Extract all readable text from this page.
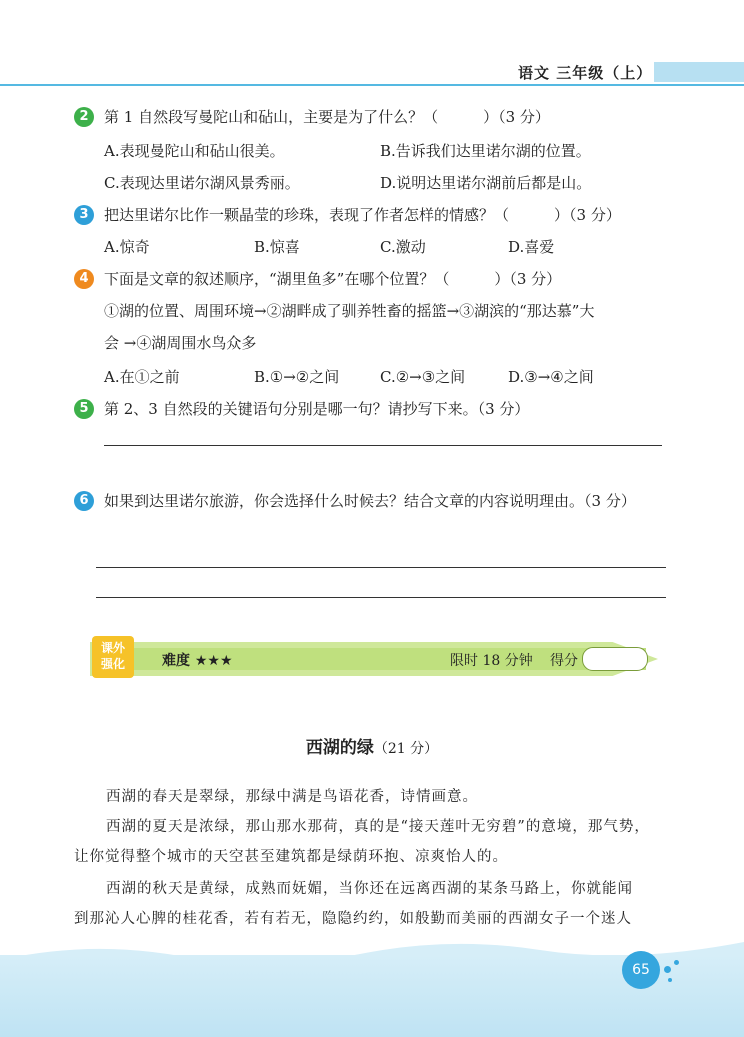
语文 三年级（上）
2	第 1 自然段写曼陀山和砧山，主要是为了什么？（　　　）（3 分）
A.表现曼陀山和砧山很美。	B.告诉我们达里诺尔湖的位置。
C.表现达里诺尔湖风景秀丽。	D.说明达里诺尔湖前后都是山。
3	把达里诺尔比作一颗晶莹的珍珠，表现了作者怎样的情感？（　　　）（3 分）
A.惊奇	B.惊喜	C.激动	D.喜爱
4	下面是文章的叙述顺序，“湖里鱼多”在哪个位置？（　　　）（3 分）
①湖的位置、周围环境→②湖畔成了驯养牲畜的摇篮→③湖滨的“那达慕”大
会 →④湖周围水鸟众多
A.在①之前	B.①→②之间	C.②→③之间	D.③→④之间
5	第 2、3 自然段的关键语句分别是哪一句？请抄写下来。（3 分）
6	如果到达里诺尔旅游，你会选择什么时候去？结合文章的内容说明理由。（3 分）
课外
强化	难度 ★★★	限时 18 分钟 得分
西湖的绿（21 分）
西湖的春天是翠绿，那绿中满是鸟语花香，诗情画意。
西湖的夏天是浓绿，那山那水那荷，真的是“接天莲叶无穷碧”的意境，那气势，
让你觉得整个城市的天空甚至建筑都是绿荫环抱、凉爽怡人的。
西湖的秋天是黄绿，成熟而妩媚，当你还在远离西湖的某条马路上，你就能闻
到那沁人心脾的桂花香，若有若无，隐隐约约，如般勤而美丽的西湖女子一个迷人
65
